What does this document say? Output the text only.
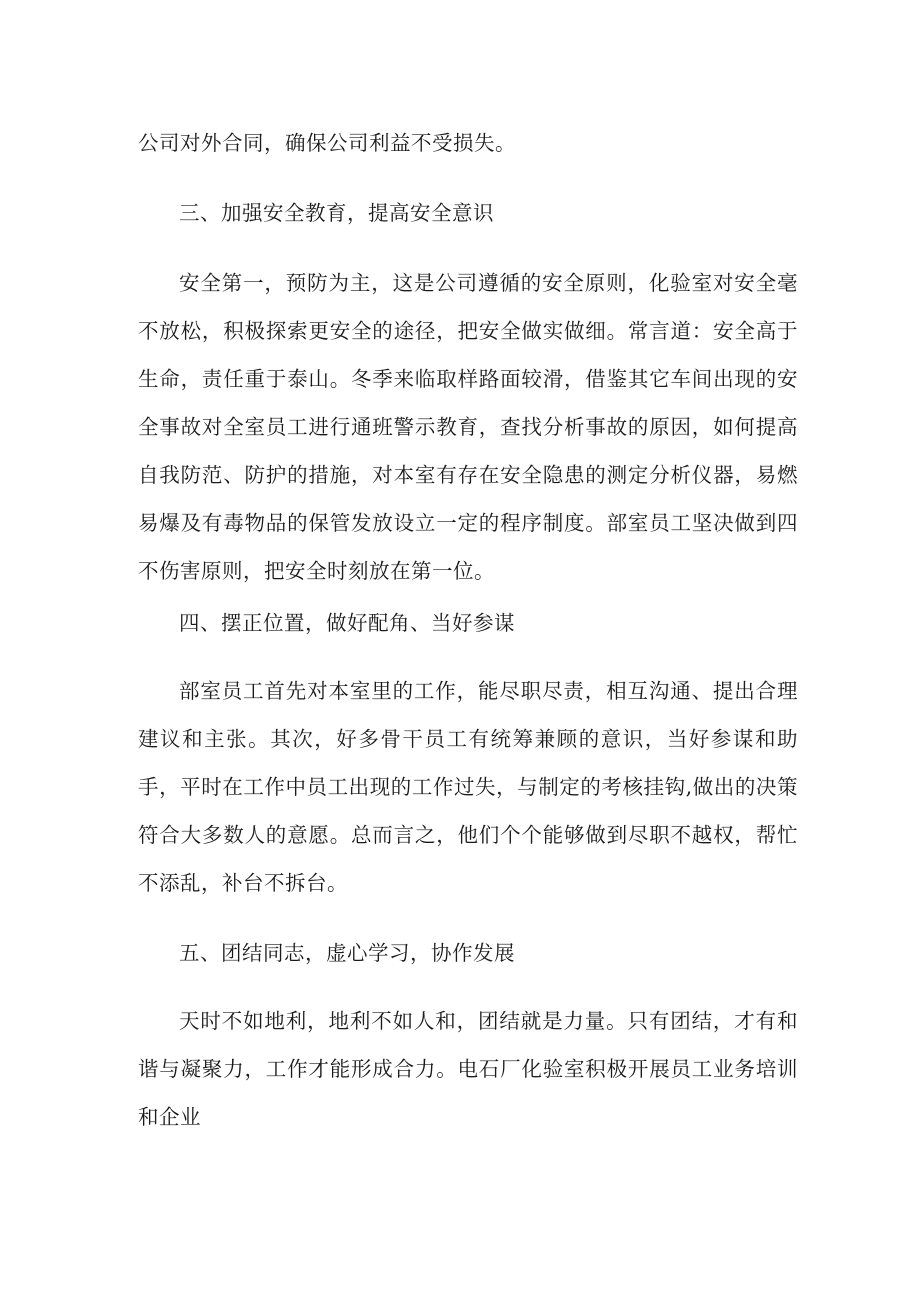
公司对外合同，确保公司利益不受损失。

三、加强安全教育，提高安全意识

安全第一，预防为主，这是公司遵循的安全原则，化验室对安全毫不放松，积极探索更安全的途径，把安全做实做细。常言道：安全高于生命，责任重于泰山。冬季来临取样路面较滑，借鉴其它车间出现的安全事故对全室员工进行通班警示教育，查找分析事故的原因，如何提高自我防范、防护的措施，对本室有存在安全隐患的测定分析仪器，易燃易爆及有毒物品的保管发放设立一定的程序制度。部室员工坚决做到四不伤害原则，把安全时刻放在第一位。

四、摆正位置，做好配角、当好参谋

部室员工首先对本室里的工作，能尽职尽责，相互沟通、提出合理建议和主张。其次，好多骨干员工有统筹兼顾的意识，当好参谋和助手，平时在工作中员工出现的工作过失，与制定的考核挂钩,做出的决策符合大多数人的意愿。总而言之，他们个个能够做到尽职不越权，帮忙不添乱，补台不拆台。

五、团结同志，虚心学习，协作发展

天时不如地利，地利不如人和，团结就是力量。只有团结，才有和谐与凝聚力，工作才能形成合力。电石厂化验室积极开展员工业务培训和企业
